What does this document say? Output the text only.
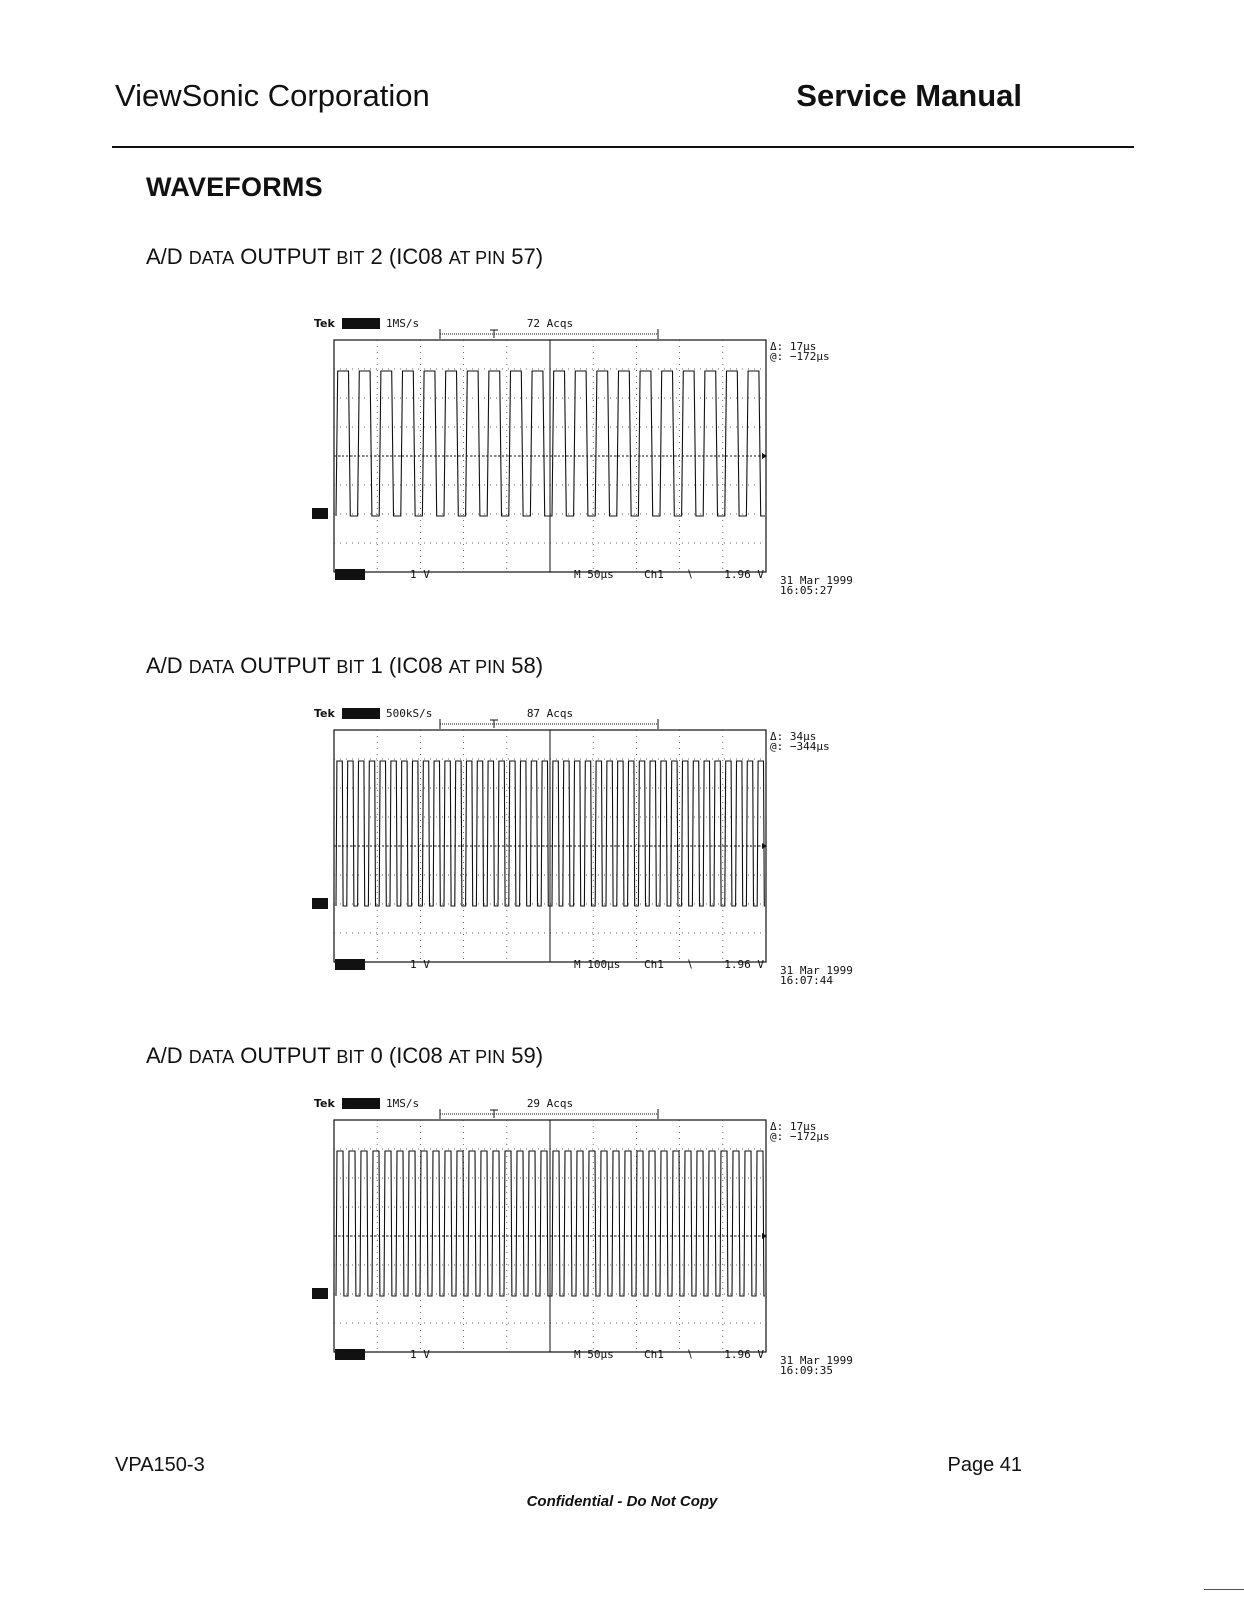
ViewSonic Corporation	Service Manual
WAVEFORMS
A/D DATA OUTPUT BIT 2 (IC08 AT PIN 57)
A/D DATA OUTPUT BIT 1 (IC08 AT PIN 58)
A/D DATA OUTPUT BIT 0 (IC08 AT PIN 59)
Tek Stop 1MS/s	72 Acqs
1
Δ: 17µs
@: −172µs
Ch1	1 V	M 50µs	Ch1 ∖	1.96 V 31 Mar 1999
16:05:27
Tek Stop 500kS/s	87 Acqs
1
Δ: 34µs
@: −344µs
Ch1	1 V	M 100µs Ch1 ∖	1.96 V 31 Mar 1999
16:07:44
Tek Stop 1MS/s	29 Acqs
1
Δ: 17µs
@: −172µs
Ch1	1 V	M 50µs	Ch1 ∖	1.96 V 31 Mar 1999
16:09:35
VPA150-3	Page 41
Confidential - Do Not Copy
